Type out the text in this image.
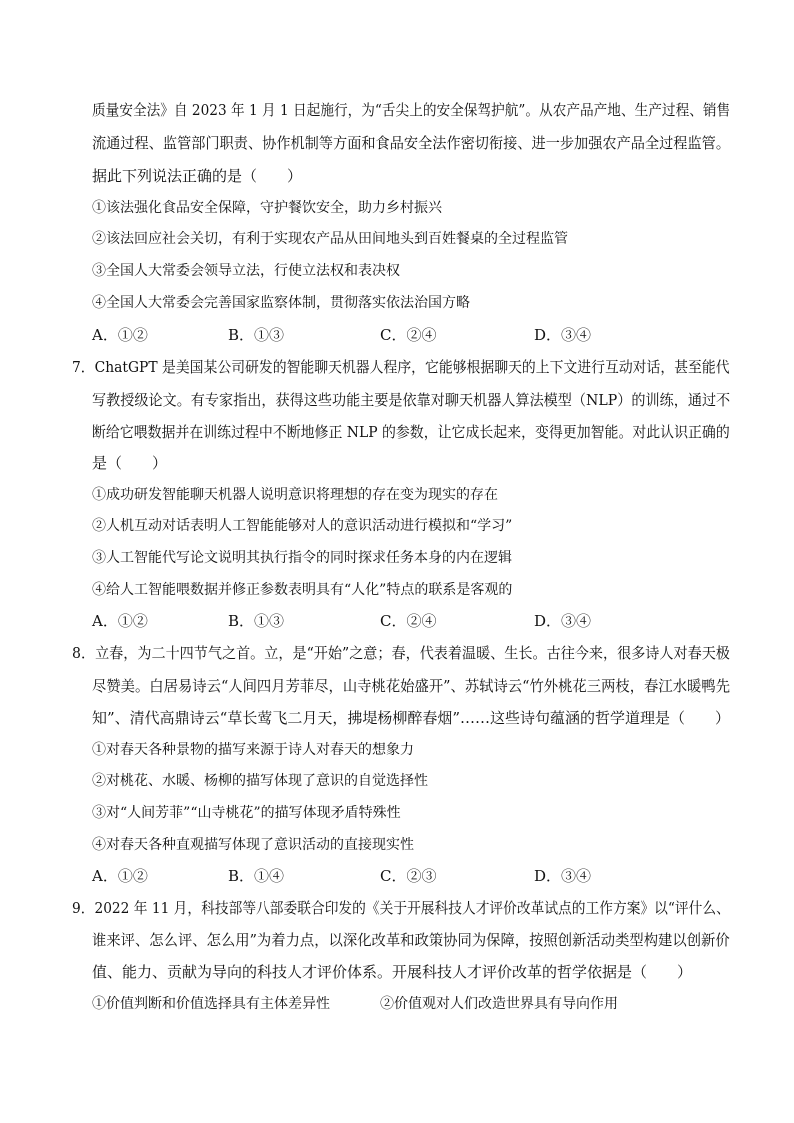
质量安全法》自 2023 年 1 月 1 日起施行，为“舌尖上的安全保驾护航”。从农产品产地、生产过程、销售
流通过程、监管部门职责、协作机制等方面和食品安全法作密切衔接、进一步加强农产品全过程监管。
据此下列说法正确的是（　　）
①该法强化食品安全保障，守护餐饮安全，助力乡村振兴
②该法回应社会关切，有利于实现农产品从田间地头到百姓餐桌的全过程监管
③全国人大常委会领导立法，行使立法权和表决权
④全国人大常委会完善国家监察体制，贯彻落实依法治国方略
A．①②	B．①③	C．②④	D．③④
7．ChatGPT 是美国某公司研发的智能聊天机器人程序，它能够根据聊天的上下文进行互动对话，甚至能代
写教授级论文。有专家指出，获得这些功能主要是依靠对聊天机器人算法模型（NLP）的训练，通过不
断给它喂数据并在训练过程中不断地修正 NLP 的参数，让它成长起来，变得更加智能。对此认识正确的
是（　　）
①成功研发智能聊天机器人说明意识将理想的存在变为现实的存在
②人机互动对话表明人工智能能够对人的意识活动进行模拟和“学习”
③人工智能代写论文说明其执行指令的同时探求任务本身的内在逻辑
④给人工智能喂数据并修正参数表明具有“人化”特点的联系是客观的
A．①②	B．①③	C．②④	D．③④
8．立春，为二十四节气之首。立，是“开始”之意；春，代表着温暖、生长。古往今来，很多诗人对春天极
尽赞美。白居易诗云“人间四月芳菲尽，山寺桃花始盛开”、苏轼诗云“竹外桃花三两枝，春江水暖鸭先
知”、清代高鼎诗云“草长莺飞二月天，拂堤杨柳醉春烟”……这些诗句蕴涵的哲学道理是（　　）
①对春天各种景物的描写来源于诗人对春天的想象力
②对桃花、水暖、杨柳的描写体现了意识的自觉选择性
③对“人间芳菲”“山寺桃花”的描写体现矛盾特殊性
④对春天各种直观描写体现了意识活动的直接现实性
A．①②	B．①④	C．②③	D．③④
9．2022 年 11 月，科技部等八部委联合印发的《关于开展科技人才评价改革试点的工作方案》以“评什么、
谁来评、怎么评、怎么用”为着力点，以深化改革和政策协同为保障，按照创新活动类型构建以创新价
值、能力、贡献为导向的科技人才评价体系。开展科技人才评价改革的哲学依据是（　　）
①价值判断和价值选择具有主体差异性	②价值观对人们改造世界具有导向作用
